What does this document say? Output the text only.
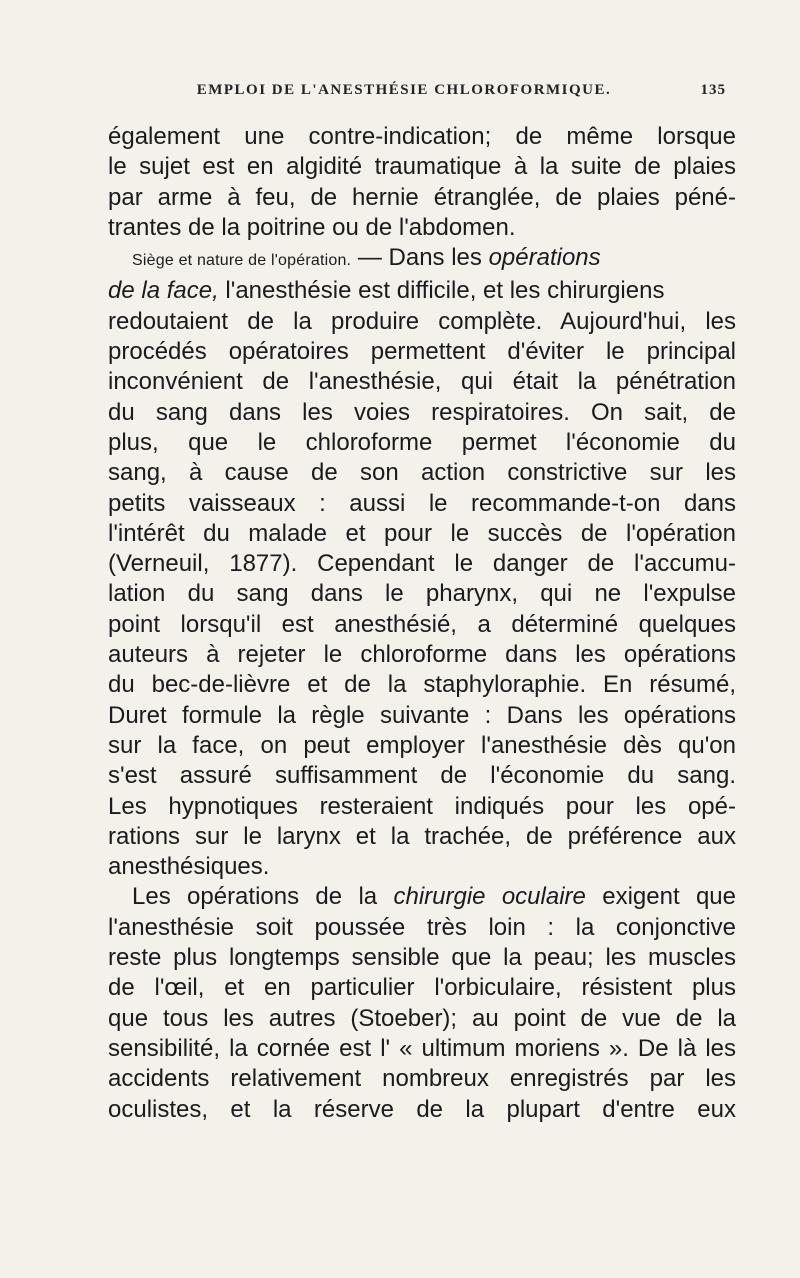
EMPLOI DE L'ANESTHÉSIE CHLOROFORMIQUE.	135
également une contre-indication; de même lorsque
le sujet est en algidité traumatique à la suite de plaies
par arme à feu, de hernie étranglée, de plaies péné-
trantes de la poitrine ou de l'abdomen.
Siège et nature de l'opération. — Dans les opérations
de la face, l'anesthésie est difficile, et les chirurgiens
redoutaient de la produire complète. Aujourd'hui, les
procédés opératoires permettent d'éviter le principal
inconvénient de l'anesthésie, qui était la pénétration
du sang dans les voies respiratoires. On sait, de
plus, que le chloroforme permet l'économie du
sang, à cause de son action constrictive sur les
petits vaisseaux : aussi le recommande-t-on dans
l'intérêt du malade et pour le succès de l'opération
(Verneuil, 1877). Cependant le danger de l'accumu-
lation du sang dans le pharynx, qui ne l'expulse
point lorsqu'il est anesthésié, a déterminé quelques
auteurs à rejeter le chloroforme dans les opérations
du bec-de-lièvre et de la staphyloraphie. En résumé,
Duret formule la règle suivante : Dans les opérations
sur la face, on peut employer l'anesthésie dès qu'on
s'est assuré suffisamment de l'économie du sang.
Les hypnotiques resteraient indiqués pour les opé-
rations sur le larynx et la trachée, de préférence aux
anesthésiques.
Les opérations de la chirurgie oculaire exigent que
l'anesthésie soit poussée très loin : la conjonctive
reste plus longtemps sensible que la peau; les muscles
de l'œil, et en particulier l'orbiculaire, résistent plus
que tous les autres (Stoeber); au point de vue de la
sensibilité, la cornée est l' « ultimum moriens ». De là les
accidents relativement nombreux enregistrés par les
oculistes, et la réserve de la plupart d'entre eux
